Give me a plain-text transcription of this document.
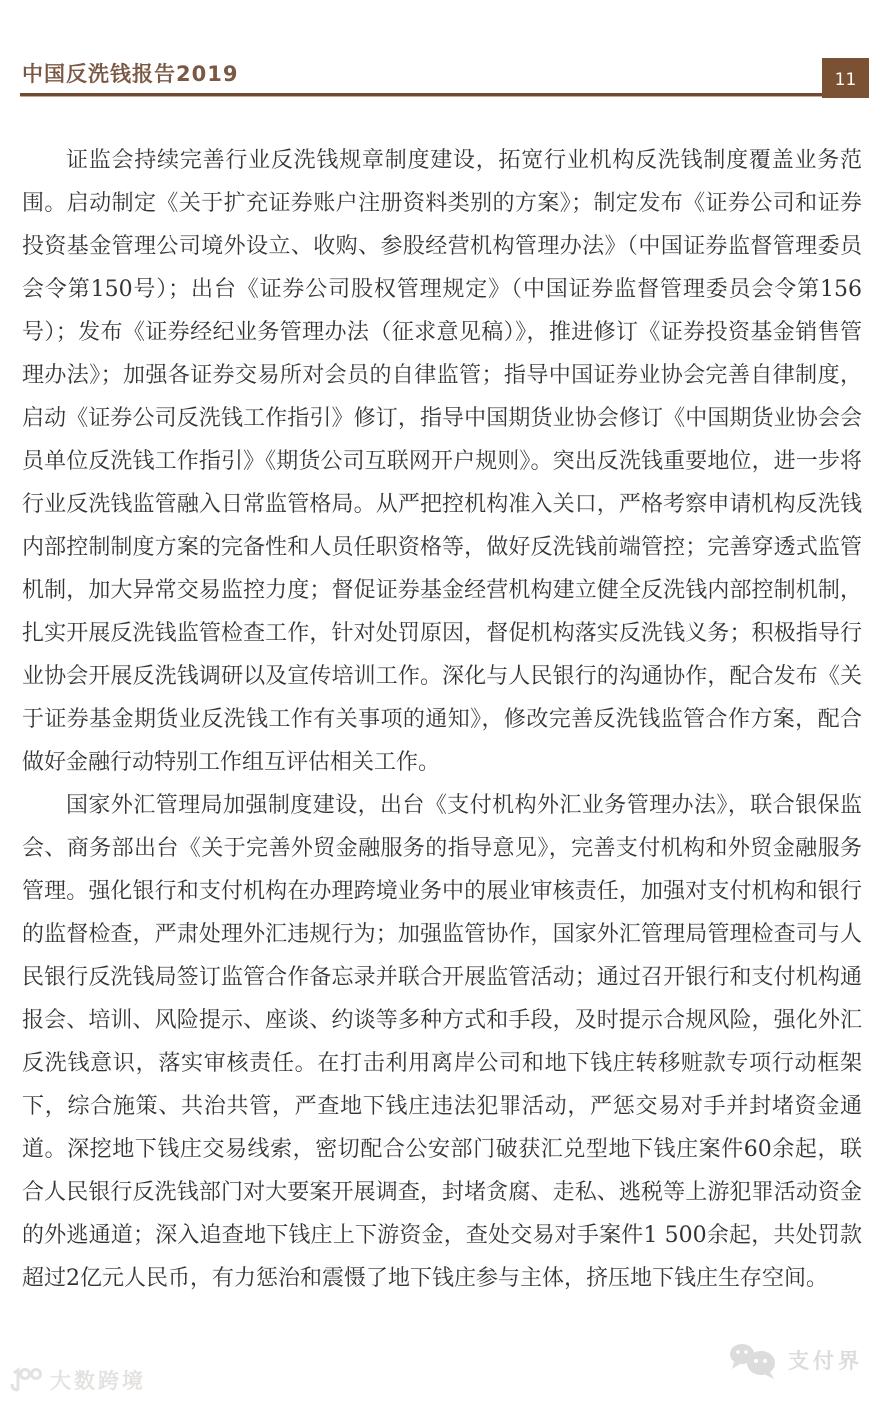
中国反洗钱报告2019	11

证监会持续完善行业反洗钱规章制度建设，拓宽行业机构反洗钱制度覆盖业务范围。启动制定《关于扩充证券账户注册资料类别的方案》；制定发布《证券公司和证券投资基金管理公司境外设立、收购、参股经营机构管理办法》（中国证券监督管理委员会令第150号）；出台《证券公司股权管理规定》（中国证券监督管理委员会令第156号）；发布《证券经纪业务管理办法（征求意见稿）》，推进修订《证券投资基金销售管理办法》；加强各证券交易所对会员的自律监管；指导中国证券业协会完善自律制度，启动《证券公司反洗钱工作指引》修订，指导中国期货业协会修订《中国期货业协会会员单位反洗钱工作指引》《期货公司互联网开户规则》。突出反洗钱重要地位，进一步将行业反洗钱监管融入日常监管格局。从严把控机构准入关口，严格考察申请机构反洗钱内部控制制度方案的完备性和人员任职资格等，做好反洗钱前端管控；完善穿透式监管机制，加大异常交易监控力度；督促证券基金经营机构建立健全反洗钱内部控制机制，扎实开展反洗钱监管检查工作，针对处罚原因，督促机构落实反洗钱义务；积极指导行业协会开展反洗钱调研以及宣传培训工作。深化与人民银行的沟通协作，配合发布《关于证券基金期货业反洗钱工作有关事项的通知》，修改完善反洗钱监管合作方案，配合做好金融行动特别工作组互评估相关工作。

国家外汇管理局加强制度建设，出台《支付机构外汇业务管理办法》，联合银保监会、商务部出台《关于完善外贸金融服务的指导意见》，完善支付机构和外贸金融服务管理。强化银行和支付机构在办理跨境业务中的展业审核责任，加强对支付机构和银行的监督检查，严肃处理外汇违规行为；加强监管协作，国家外汇管理局管理检查司与人民银行反洗钱局签订监管合作备忘录并联合开展监管活动；通过召开银行和支付机构通报会、培训、风险提示、座谈、约谈等多种方式和手段，及时提示合规风险，强化外汇反洗钱意识，落实审核责任。在打击利用离岸公司和地下钱庄转移赃款专项行动框架下，综合施策、共治共管，严查地下钱庄违法犯罪活动，严惩交易对手并封堵资金通道。深挖地下钱庄交易线索，密切配合公安部门破获汇兑型地下钱庄案件60余起，联合人民银行反洗钱部门对大要案开展调查，封堵贪腐、走私、逃税等上游犯罪活动资金的外逃通道；深入追查地下钱庄上下游资金，查处交易对手案件1 500余起，共处罚款超过2亿元人民币，有力惩治和震慑了地下钱庄参与主体，挤压地下钱庄生存空间。

大数跨境
支付界
